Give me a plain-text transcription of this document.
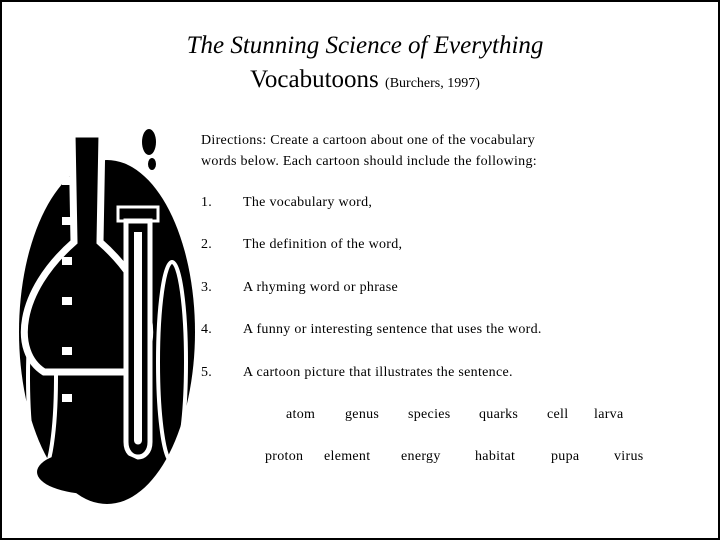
The Stunning Science of Everything
Vocabutoons (Burchers, 1997)
Directions: Create a cartoon about one of the vocabulary
words below. Each cartoon should include the following:
1. The vocabulary word,
2. The definition of the word,
3. A rhyming word or phrase
4. A funny or interesting sentence that uses the word.
5. A cartoon picture that illustrates the sentence.
atom genus species quarks cell larva
proton element energy habitat	pupa virus
